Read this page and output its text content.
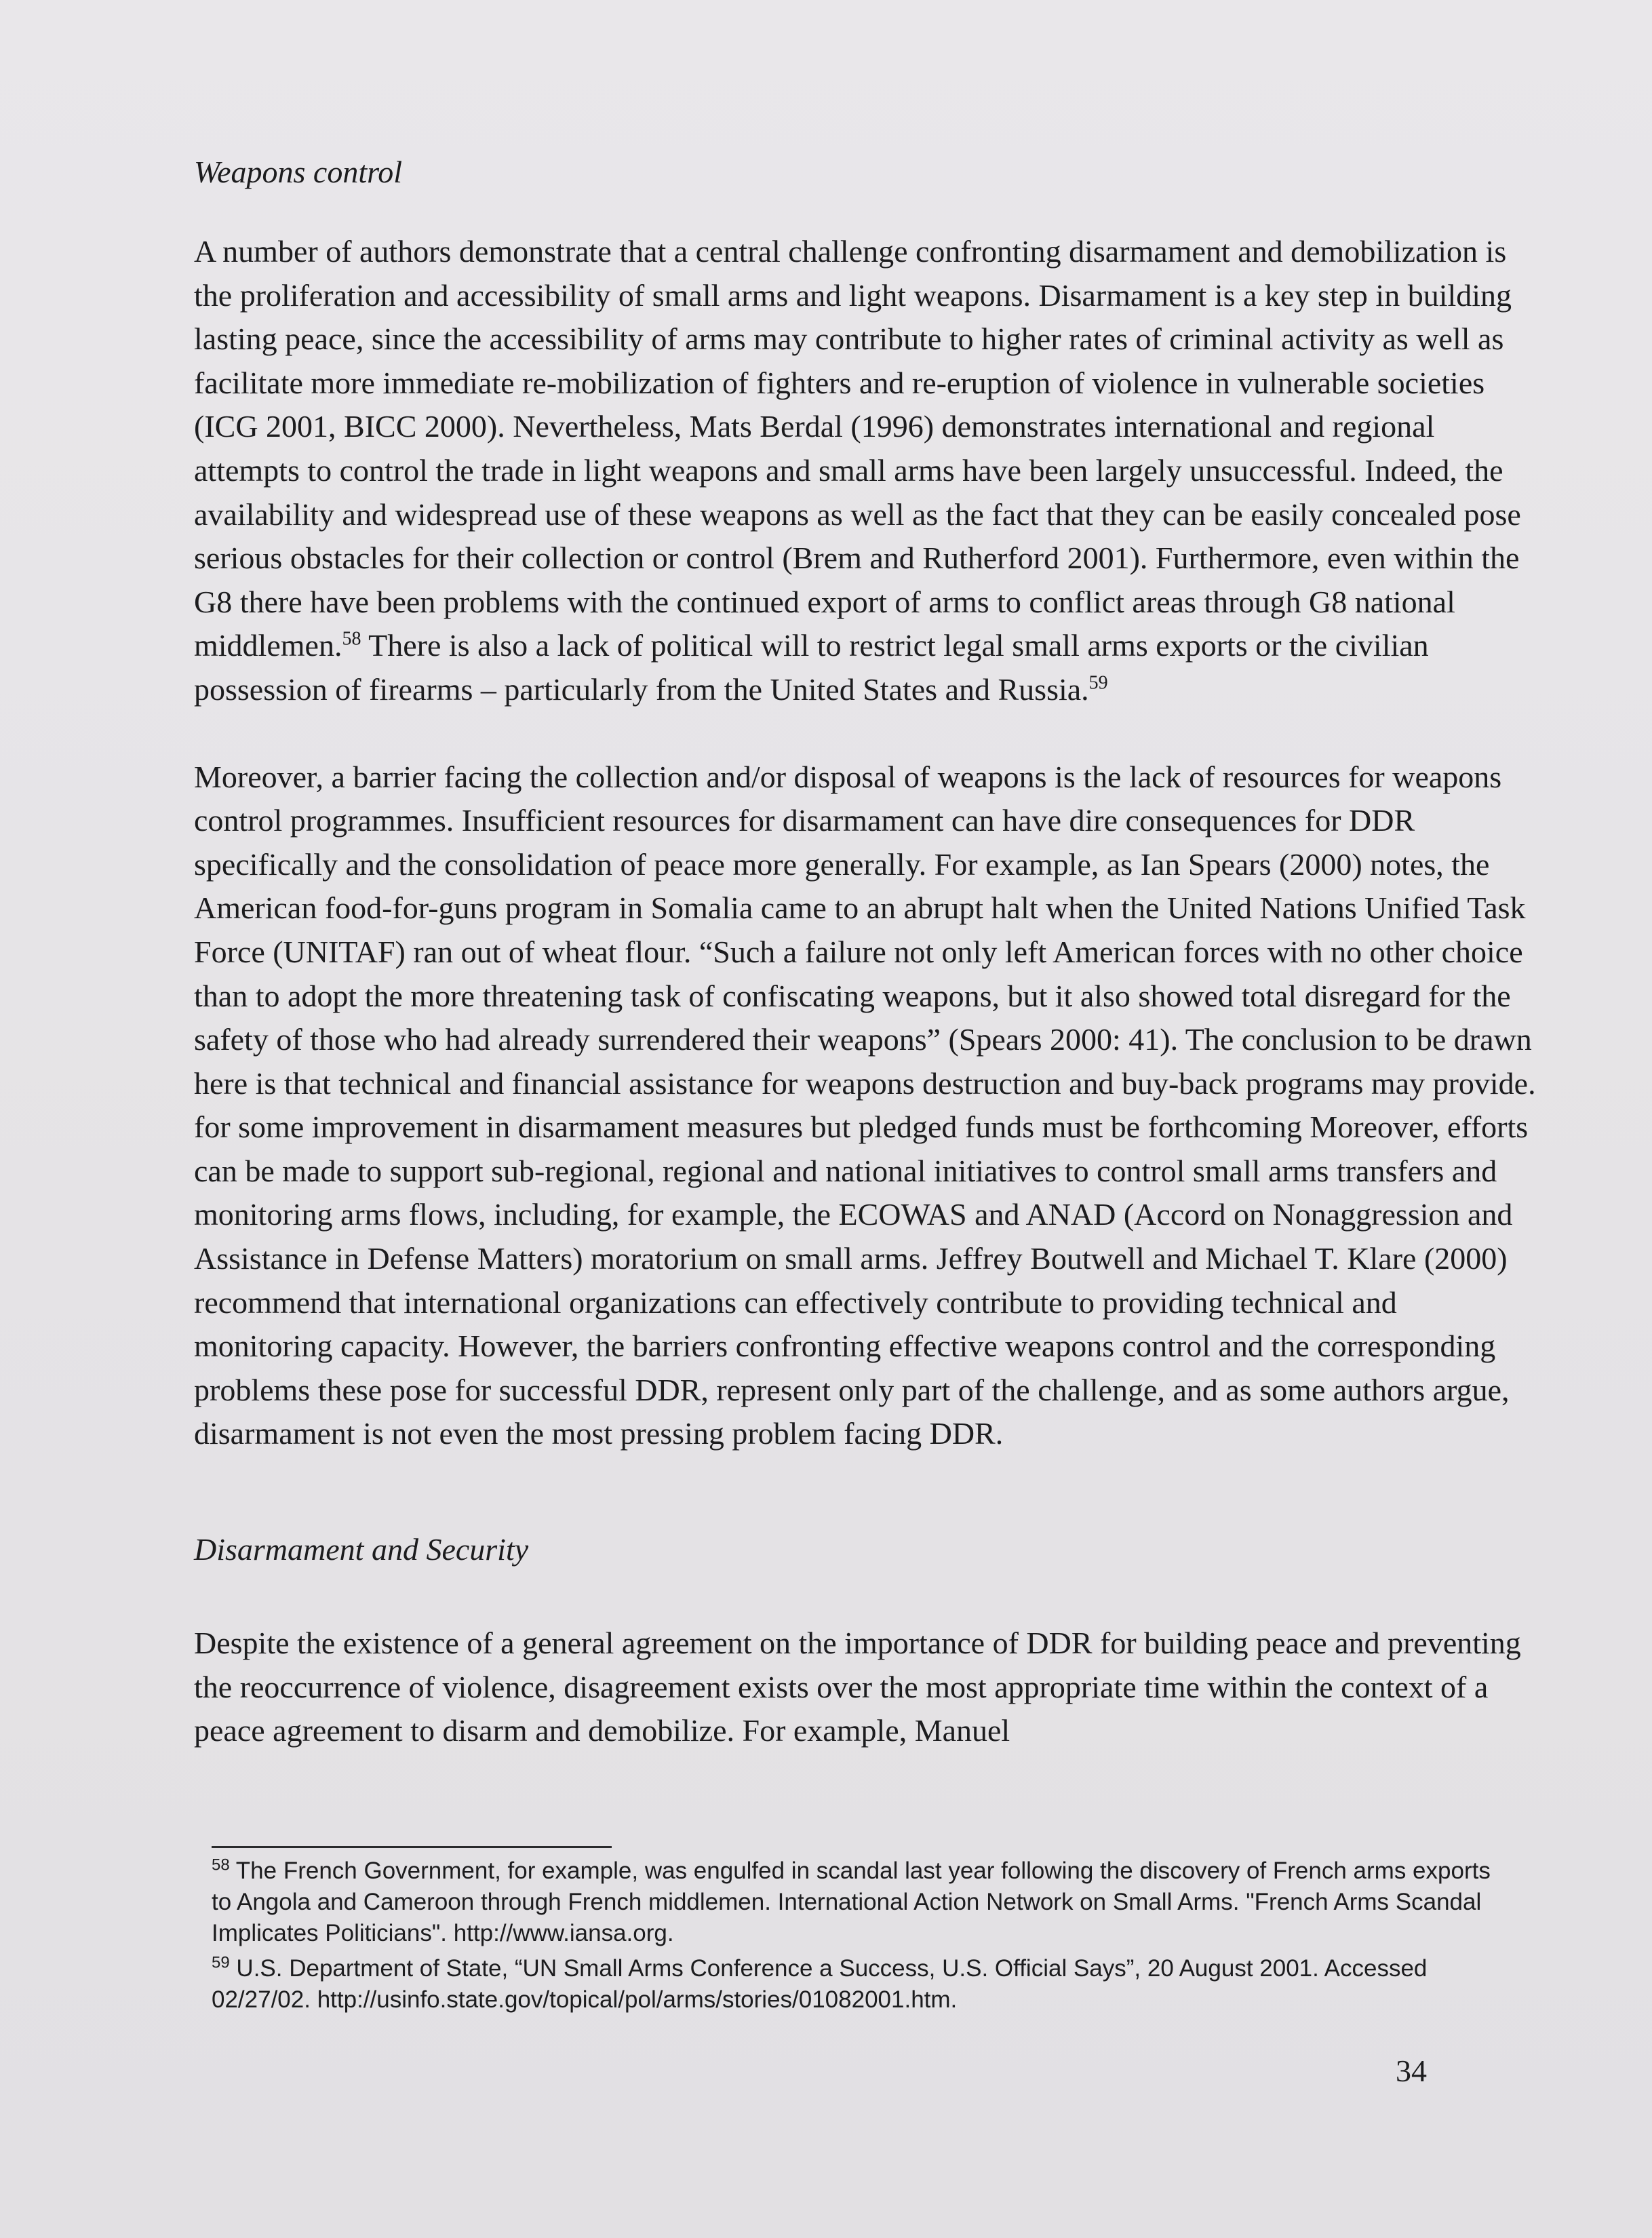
Weapons control

A number of authors demonstrate that a central challenge confronting disarmament and demobilization is the proliferation and accessibility of small arms and light weapons. Disarmament is a key step in building lasting peace, since the accessibility of arms may contribute to higher rates of criminal activity as well as facilitate more immediate re-mobilization of fighters and re-eruption of violence in vulnerable societies (ICG 2001, BICC 2000). Nevertheless, Mats Berdal (1996) demonstrates international and regional attempts to control the trade in light weapons and small arms have been largely unsuccessful. Indeed, the availability and widespread use of these weapons as well as the fact that they can be easily concealed pose serious obstacles for their collection or control (Brem and Rutherford 2001). Furthermore, even within the G8 there have been problems with the continued export of arms to conflict areas through G8 national middlemen.$^{58}$ There is also a lack of political will to restrict legal small arms exports or the civilian possession of firearms – particularly from the United States and Russia.$^{59}$

Moreover, a barrier facing the collection and/or disposal of weapons is the lack of resources for weapons control programmes. Insufficient resources for disarmament can have dire consequences for DDR specifically and the consolidation of peace more generally. For example, as Ian Spears (2000) notes, the American food-for-guns program in Somalia came to an abrupt halt when the United Nations Unified Task Force (UNITAF) ran out of wheat flour. “Such a failure not only left American forces with no other choice than to adopt the more threatening task of confiscating weapons, but it also showed total disregard for the safety of those who had already surrendered their weapons” (Spears 2000: 41). The conclusion to be drawn here is that technical and financial assistance for weapons destruction and buy-back programs may provide. for some improvement in disarmament measures but pledged funds must be forthcoming Moreover, efforts can be made to support sub-regional, regional and national initiatives to control small arms transfers and monitoring arms flows, including, for example, the ECOWAS and ANAD (Accord on Nonaggression and Assistance in Defense Matters) moratorium on small arms. Jeffrey Boutwell and Michael T. Klare (2000) recommend that international organizations can effectively contribute to providing technical and monitoring capacity. However, the barriers confronting effective weapons control and the corresponding problems these pose for successful DDR, represent only part of the challenge, and as some authors argue, disarmament is not even the most pressing problem facing DDR.

Disarmament and Security

Despite the existence of a general agreement on the importance of DDR for building peace and preventing the reoccurrence of violence, disagreement exists over the most appropriate time within the context of a peace agreement to disarm and demobilize. For example, Manuel

$^{58}$ The French Government, for example, was engulfed in scandal last year following the discovery of French arms exports to Angola and Cameroon through French middlemen. International Action Network on Small Arms. "French Arms Scandal Implicates Politicians". http://www.iansa.org.

$^{59}$ U.S. Department of State, “UN Small Arms Conference a Success, U.S. Official Says”, 20 August 2001. Accessed 02/27/02. http://usinfo.state.gov/topical/pol/arms/stories/01082001.htm.

34
